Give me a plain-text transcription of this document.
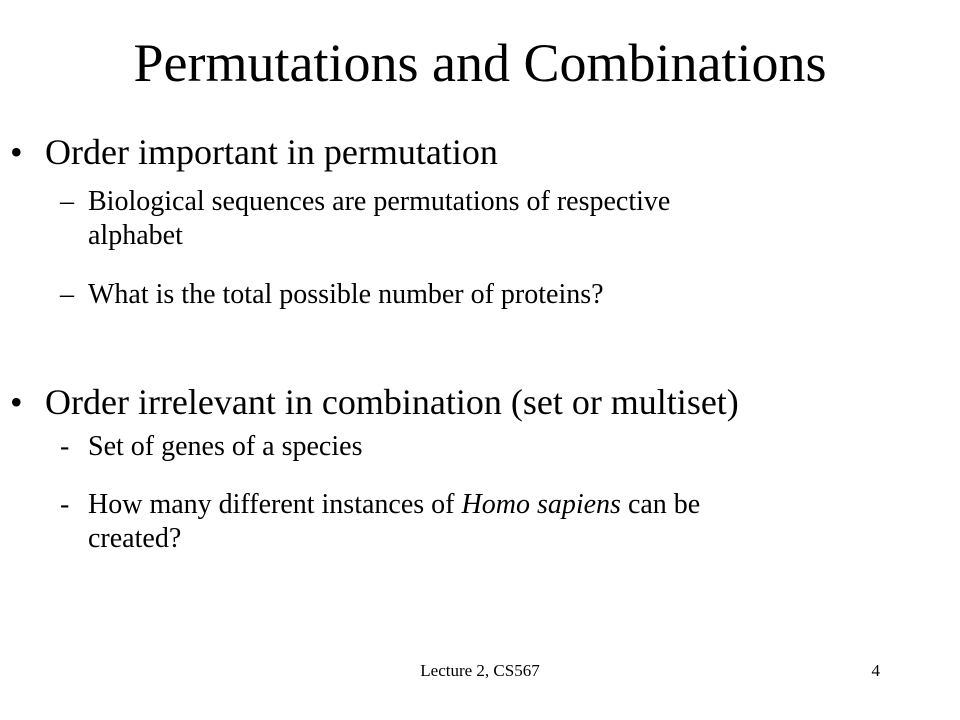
Permutations and Combinations
• Order important in permutation
– Biological sequences are permutations of respective
alphabet
– What is the total possible number of proteins?
• Order irrelevant in combination (set or multiset)
- Set of genes of a species
- How many different instances of Homo sapiens can be
created?
Lecture 2, CS567	4
